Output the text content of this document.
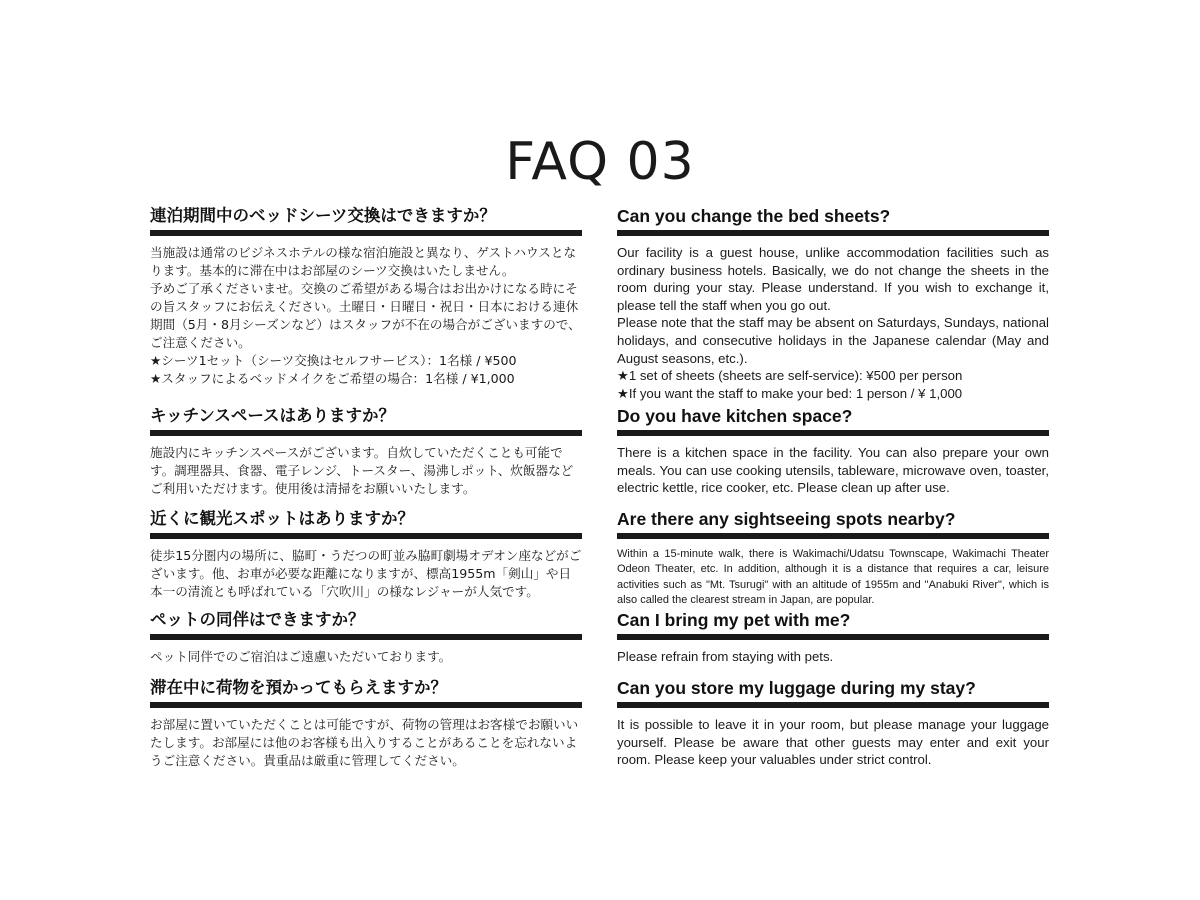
FAQ 03
連泊期間中のベッドシーツ交換はできますか？

当施設は通常のビジネスホテルの様な宿泊施設と異なり、ゲストハウスとなります。基本的に滞在中はお部屋のシーツ交換はいたしません。

予めご了承くださいませ。交換のご希望がある場合はお出かけになる時にその旨スタッフにお伝えください。土曜日・日曜日・祝日・日本における連休期間（5月・8月シーズンなど）はスタッフが不在の場合がございますので、ご注意ください。

★シーツ1セット（シーツ交換はセルフサービス）：1名様 / ¥500

★スタッフによるベッドメイクをご希望の場合：1名様 / ¥1,000

キッチンスペースはありますか？

施設内にキッチンスペースがございます。自炊していただくことも可能です。調理器具、食器、電子レンジ、トースター、湯沸しポット、炊飯器などご利用いただけます。使用後は清掃をお願いいたします。

近くに観光スポットはありますか？

徒歩15分圏内の場所に、脇町・うだつの町並み脇町劇場オデオン座などがございます。他、お車が必要な距離になりますが、標高1955m「剣山」や日本一の清流とも呼ばれている「穴吹川」の様なレジャーが人気です。

ペットの同伴はできますか？

ペット同伴でのご宿泊はご遠慮いただいております。

滞在中に荷物を預かってもらえますか？

お部屋に置いていただくことは可能ですが、荷物の管理はお客様でお願いいたします。お部屋には他のお客様も出入りすることがあることを忘れないようご注意ください。貴重品は厳重に管理してください。

Can you change the bed sheets?

Our facility is a guest house, unlike accommodation facilities such as ordinary business hotels. Basically, we do not change the sheets in the room during your stay. Please understand. If you wish to exchange it, please tell the staff when you go out.

Please note that the staff may be absent on Saturdays, Sundays, national holidays, and consecutive holidays in the Japanese calendar (May and August seasons, etc.).

★1 set of sheets (sheets are self-service): ¥500 per person

★If you want the staff to make your bed: 1 person / ¥ 1,000

Do you have kitchen space?

There is a kitchen space in the facility. You can also prepare your own meals. You can use cooking utensils, tableware, microwave oven, toaster, electric kettle, rice cooker, etc. Please clean up after use.

Are there any sightseeing spots nearby?

Within a 15-minute walk, there is Wakimachi/Udatsu Townscape, Wakimachi Theater Odeon Theater, etc. In addition, although it is a distance that requires a car, leisure activities such as "Mt. Tsurugi" with an altitude of 1955m and "Anabuki River", which is also called the clearest stream in Japan, are popular.

Can I bring my pet with me?

Please refrain from staying with pets.

Can you store my luggage during my stay?

It is possible to leave it in your room, but please manage your luggage yourself. Please be aware that other guests may enter and exit your room. Please keep your valuables under strict control.
